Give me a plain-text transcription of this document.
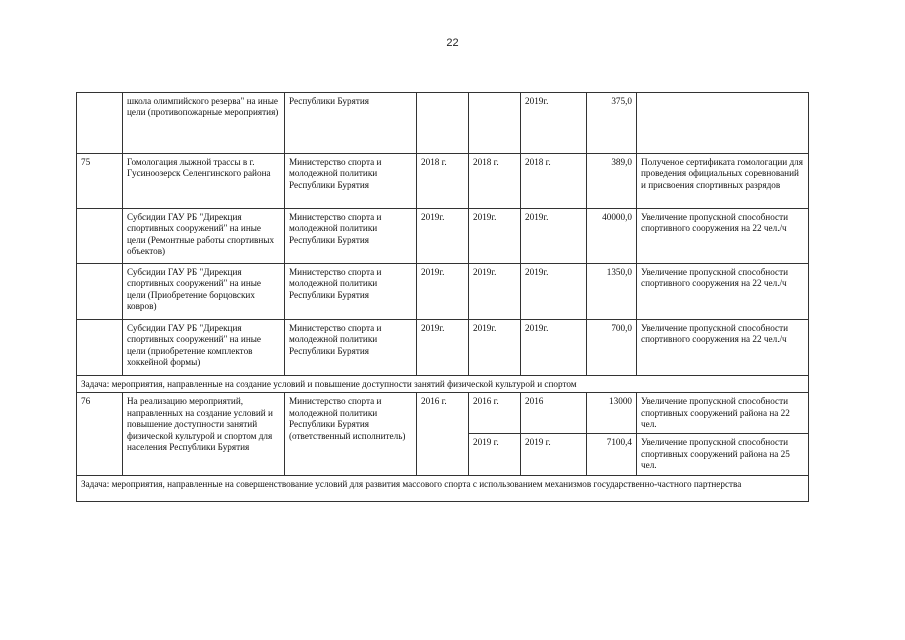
22
	школа олимпийского резерва" на иные цели (противопожарные мероприятия)	Республики Бурятия			2019г.	375,0	
75	Гомологация лыжной трассы в г. Гусиноозерск Селенгинского района	Министерство спорта и молодежной политики Республики Бурятия	2018 г.	2018 г.	2018 г.	389,0	Полученое сертификата гомологации для проведения официальных соревнований и присвоения спортивных разрядов
	Субсидии ГАУ РБ "Дирекция спортивных сооружений" на иные цели (Ремонтные работы спортивных объектов)	Министерство спорта и молодежной политики Республики Бурятия	2019г.	2019г.	2019г.	40000,0	Увеличение пропускной способности спортивного сооружения на 22 чел./ч
	Субсидии ГАУ РБ "Дирекция спортивных сооружений" на иные цели (Приобретение борцовских ковров)	Министерство спорта и молодежной политики Республики Бурятия	2019г.	2019г.	2019г.	1350,0	Увеличение пропускной способности спортивного сооружения на 22 чел./ч
	Субсидии ГАУ РБ "Дирекция спортивных сооружений" на иные цели (приобретение комплектов хоккейной формы)	Министерство спорта и молодежной политики Республики Бурятия	2019г.	2019г.	2019г.	700,0	Увеличение пропускной способности спортивного сооружения на 22 чел./ч
Задача: мероприятия, направленные на создание условий и повышение доступности занятий физической культурой и спортом							
76	На реализацию мероприятий, направленных на создание условий и повышение доступности занятий физической культурой и спортом для населения Республики Бурятия	Министерство спорта и молодежной политики Республики Бурятия (ответственный исполнитель)	2016 г.	2016 г.	2016	13000	Увеличение пропускной способности спортивных сооружений района на 22 чел.
				2019 г.	2019 г.	7100,4	Увеличение пропускной способности спортивных сооружений района на 25 чел.
Задача: мероприятия, направленные на совершенствование условий для развития массового спорта с использованием механизмов государственно-частного партнерства							
